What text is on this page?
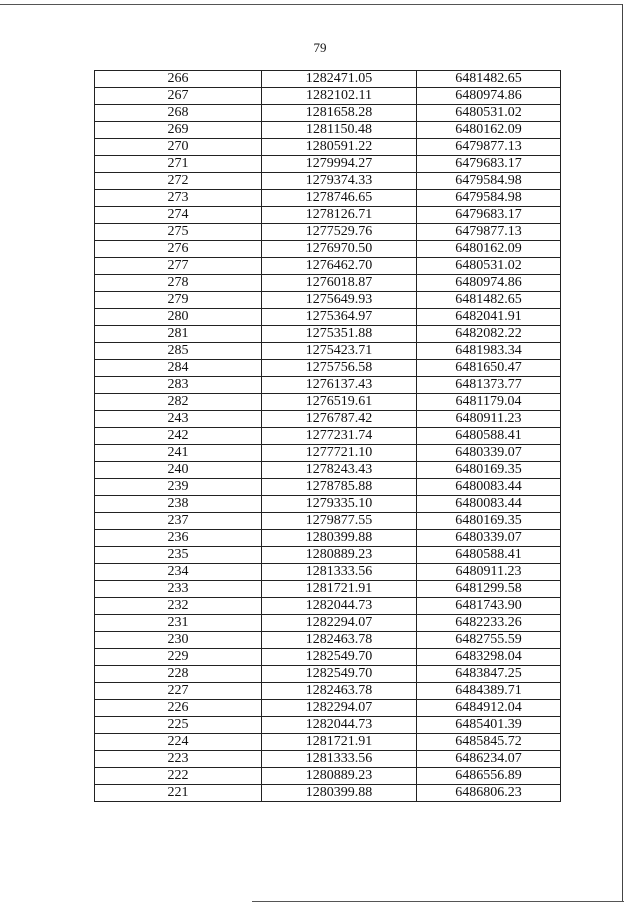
79
266	1282471.05	6481482.65
267	1282102.11	6480974.86
268	1281658.28	6480531.02
269	1281150.48	6480162.09
270	1280591.22	6479877.13
271	1279994.27	6479683.17
272	1279374.33	6479584.98
273	1278746.65	6479584.98
274	1278126.71	6479683.17
275	1277529.76	6479877.13
276	1276970.50	6480162.09
277	1276462.70	6480531.02
278	1276018.87	6480974.86
279	1275649.93	6481482.65
280	1275364.97	6482041.91
281	1275351.88	6482082.22
285	1275423.71	6481983.34
284	1275756.58	6481650.47
283	1276137.43	6481373.77
282	1276519.61	6481179.04
243	1276787.42	6480911.23
242	1277231.74	6480588.41
241	1277721.10	6480339.07
240	1278243.43	6480169.35
239	1278785.88	6480083.44
238	1279335.10	6480083.44
237	1279877.55	6480169.35
236	1280399.88	6480339.07
235	1280889.23	6480588.41
234	1281333.56	6480911.23
233	1281721.91	6481299.58
232	1282044.73	6481743.90
231	1282294.07	6482233.26
230	1282463.78	6482755.59
229	1282549.70	6483298.04
228	1282549.70	6483847.25
227	1282463.78	6484389.71
226	1282294.07	6484912.04
225	1282044.73	6485401.39
224	1281721.91	6485845.72
223	1281333.56	6486234.07
222	1280889.23	6486556.89
221	1280399.88	6486806.23
